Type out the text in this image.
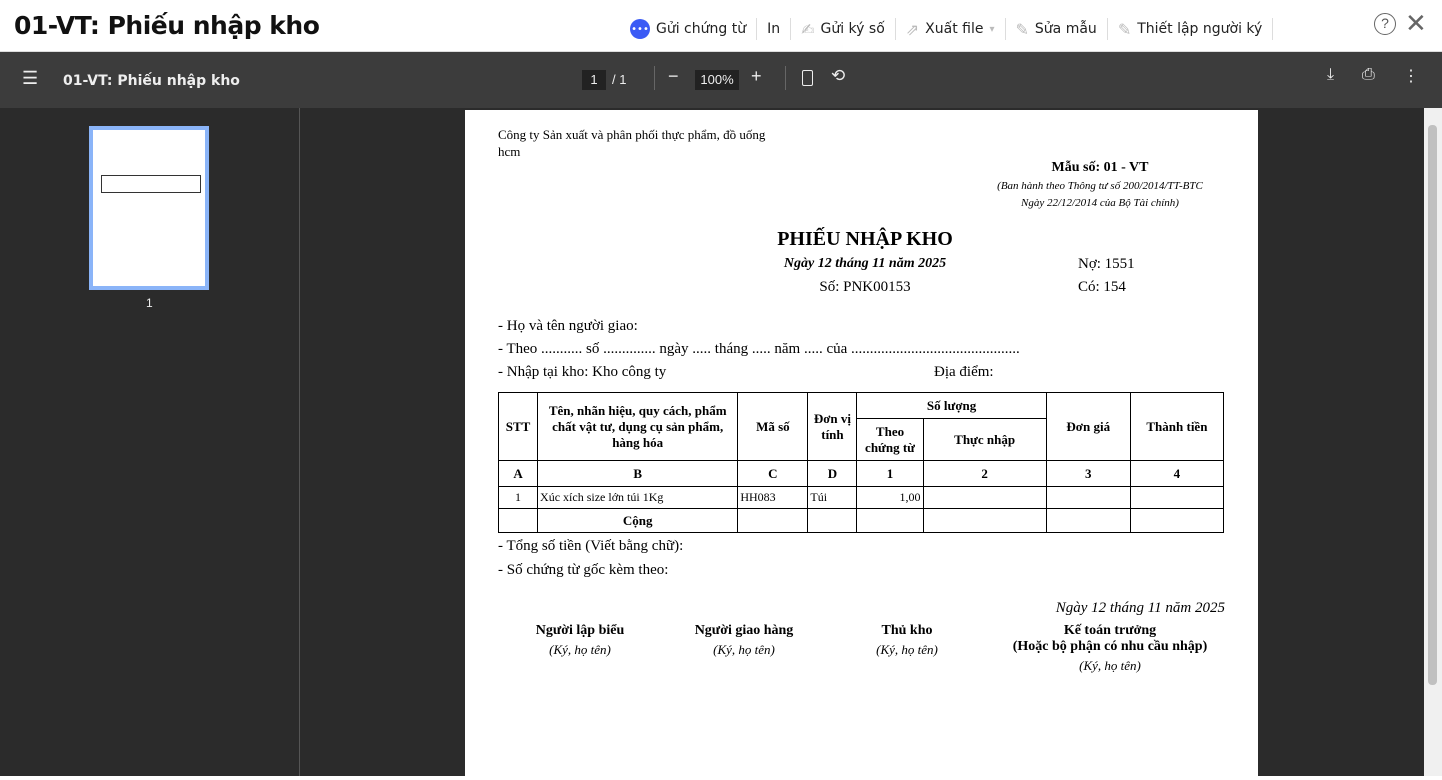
01-VT: Phiếu nhập kho	••• Gửi chứng từ In ✍ Gửi ký số ⇗ Xuất file ▾ ✎ Sửa mẫu ✎ Thiết lập người ký	? ✕
☰ 01-VT: Phiếu nhập kho	1	/ 1 −	100% +	⟲	⤓ ⎙ ⋮
1
Công ty Sản xuất và phân phối thực phẩm, đồ uống
hcm
Mẫu số: 01 - VT
(Ban hành theo Thông tư số 200/2014/TT-BTC
Ngày 22/12/2014 của Bộ Tài chính)
PHIẾU NHẬP KHO
Ngày 12 tháng 11 năm 2025
Số: PNK00153
Nợ: 1551
Có: 154
- Họ và tên người giao:
- Theo ........... số .............. ngày ..... tháng ..... năm ..... của .............................................
- Nhập tại kho: Kho công ty	Địa điểm:
STT	Tên, nhãn hiệu, quy cách, phẩm chất vật tư, dụng cụ sản phẩm, hàng hóa	Mã số	Đơn vị tính	Số lượng		Đơn giá	Thành tiền
				Theo chứng từ	Thực nhập		
A	B	C	D	1	2	3	4
1	Xúc xích size lớn túi 1Kg	HH083	Túi	1,00			
	Cộng						
- Tổng số tiền (Viết bằng chữ):
- Số chứng từ gốc kèm theo:
Ngày 12 tháng 11 năm 2025
Người lập biểu
(Ký, họ tên)
Người giao hàng
(Ký, họ tên)
Thủ kho
(Ký, họ tên)
Kế toán trưởng
(Hoặc bộ phận có nhu cầu nhập)
(Ký, họ tên)
